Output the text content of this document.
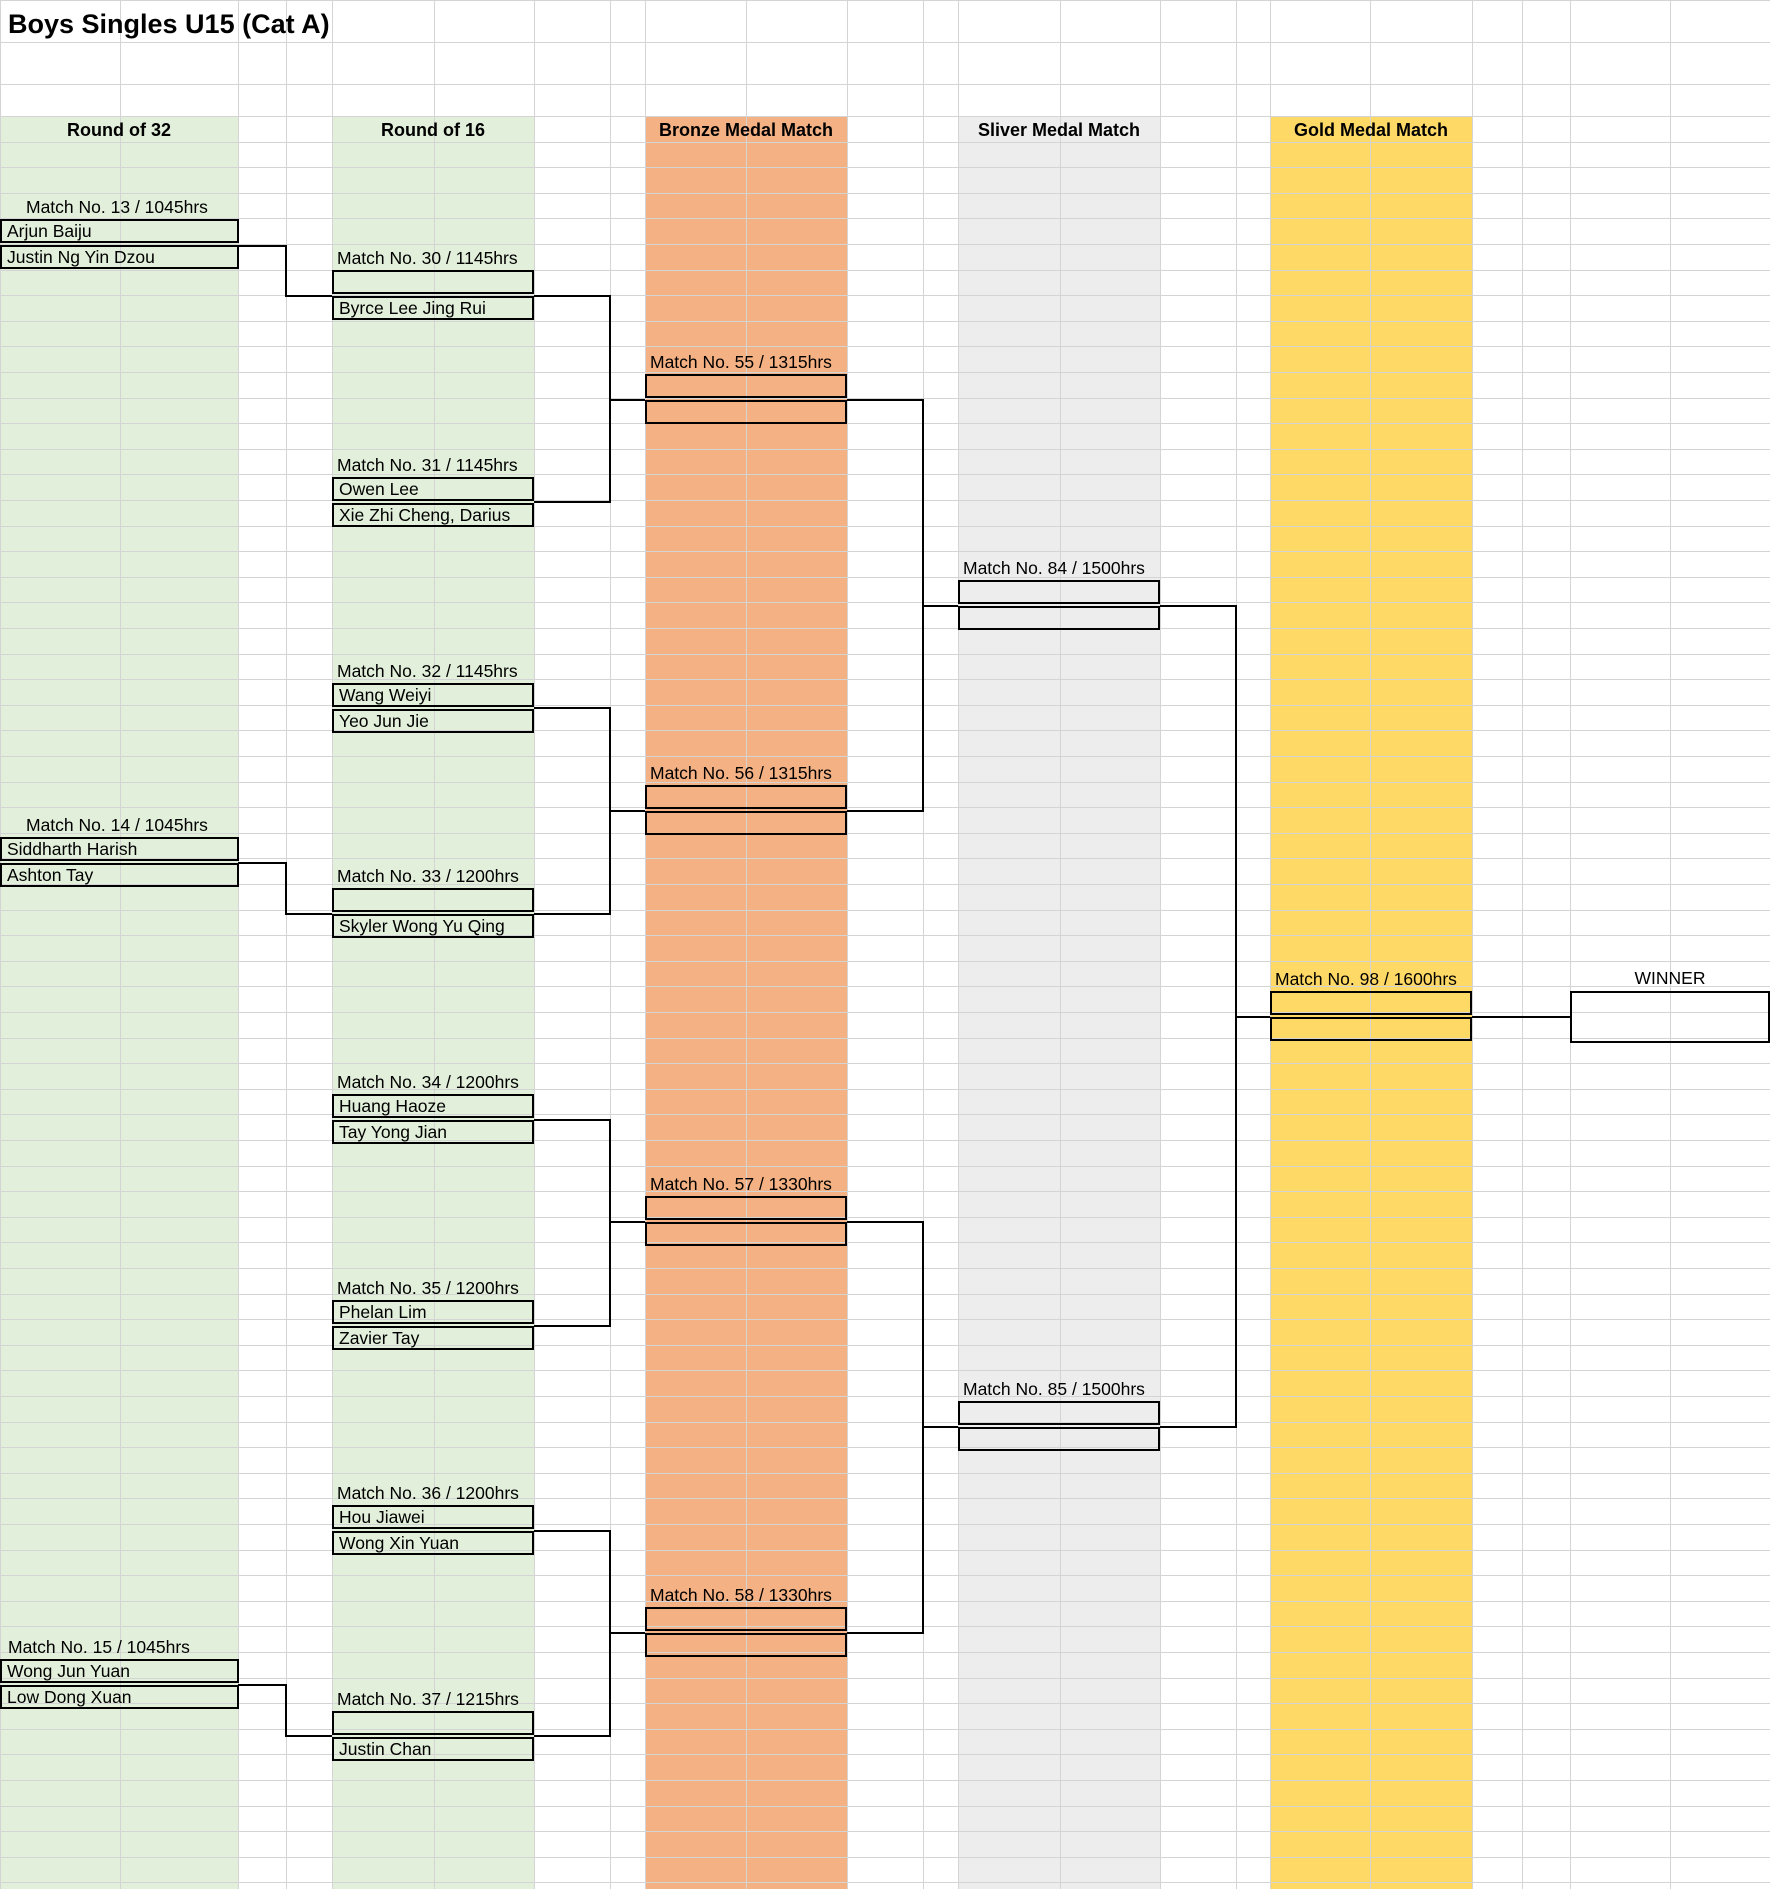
Boys Singles U15 (Cat A)
Round of 32	Round of 16	Bronze Medal Match	Sliver Medal Match	Gold Medal Match
Match No. 13 / 1045hrs
Arjun Baiju
Justin Ng Yin Dzou
Match No. 14 / 1045hrs
Siddharth Harish
Ashton Tay
Match No. 15 / 1045hrs
Wong Jun Yuan
Low Dong Xuan
Match No. 30 / 1145hrs
Byrce Lee Jing Rui
Match No. 31 / 1145hrs
Owen Lee
Xie Zhi Cheng, Darius
Match No. 32 / 1145hrs
Wang Weiyi
Yeo Jun Jie
Match No. 33 / 1200hrs
Skyler Wong Yu Qing
Match No. 34 / 1200hrs
Huang Haoze
Tay Yong Jian
Match No. 35 / 1200hrs
Phelan Lim
Zavier Tay
Match No. 36 / 1200hrs
Hou Jiawei
Wong Xin Yuan
Match No. 37 / 1215hrs
Justin Chan
Match No. 55 / 1315hrs
Match No. 56 / 1315hrs
Match No. 57 / 1330hrs
Match No. 58 / 1330hrs
Match No. 84 / 1500hrs
Match No. 85 / 1500hrs
Match No. 98 / 1600hrs	WINNER
